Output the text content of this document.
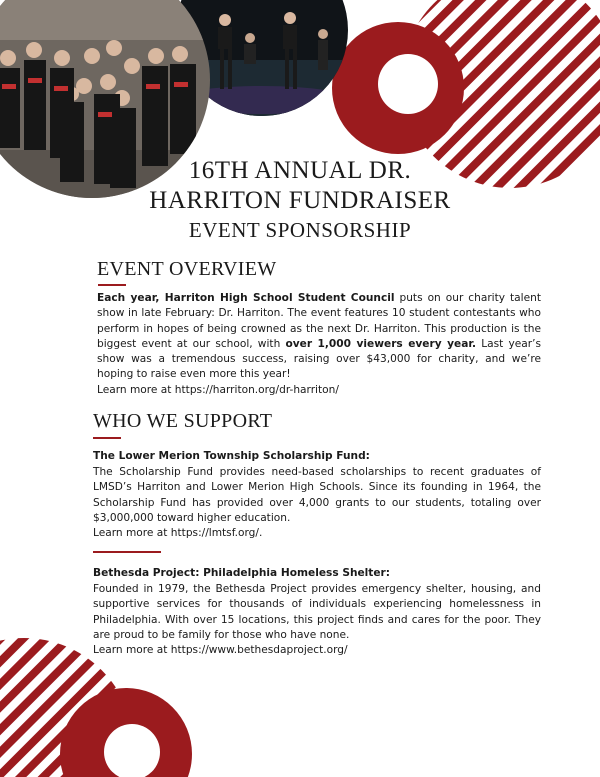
16TH ANNUAL DR.
HARRITON FUNDRAISER
EVENT SPONSORSHIP
EVENT OVERVIEW
Each year, Harriton High School Student Council puts on our charity talent show in late February: Dr. Harriton. The event features 10 student contestants who perform in hopes of being crowned as the next Dr. Harriton. This production is the biggest event at our school, with over 1,000 viewers every year. Last year’s show was a tremendous success, raising over $43,000 for charity, and we’re hoping to raise even more this year!
Learn more at https://harriton.org/dr-harriton/
WHO WE SUPPORT
The Lower Merion Township Scholarship Fund:
The Scholarship Fund provides need-based scholarships to recent graduates of LMSD’s Harriton and Lower Merion High Schools. Since its founding in 1964, the Scholarship Fund has provided over 4,000 grants to our students, totaling over $3,000,000 toward higher education.
Learn more at https://lmtsf.org/.
Bethesda Project: Philadelphia Homeless Shelter:
Founded in 1979, the Bethesda Project provides emergency shelter, housing, and supportive services for thousands of individuals experiencing homelessness in Philadelphia. With over 15 locations, this project finds and cares for the poor. They are proud to be family for those who have none.
Learn more at https://www.bethesdaproject.org/
